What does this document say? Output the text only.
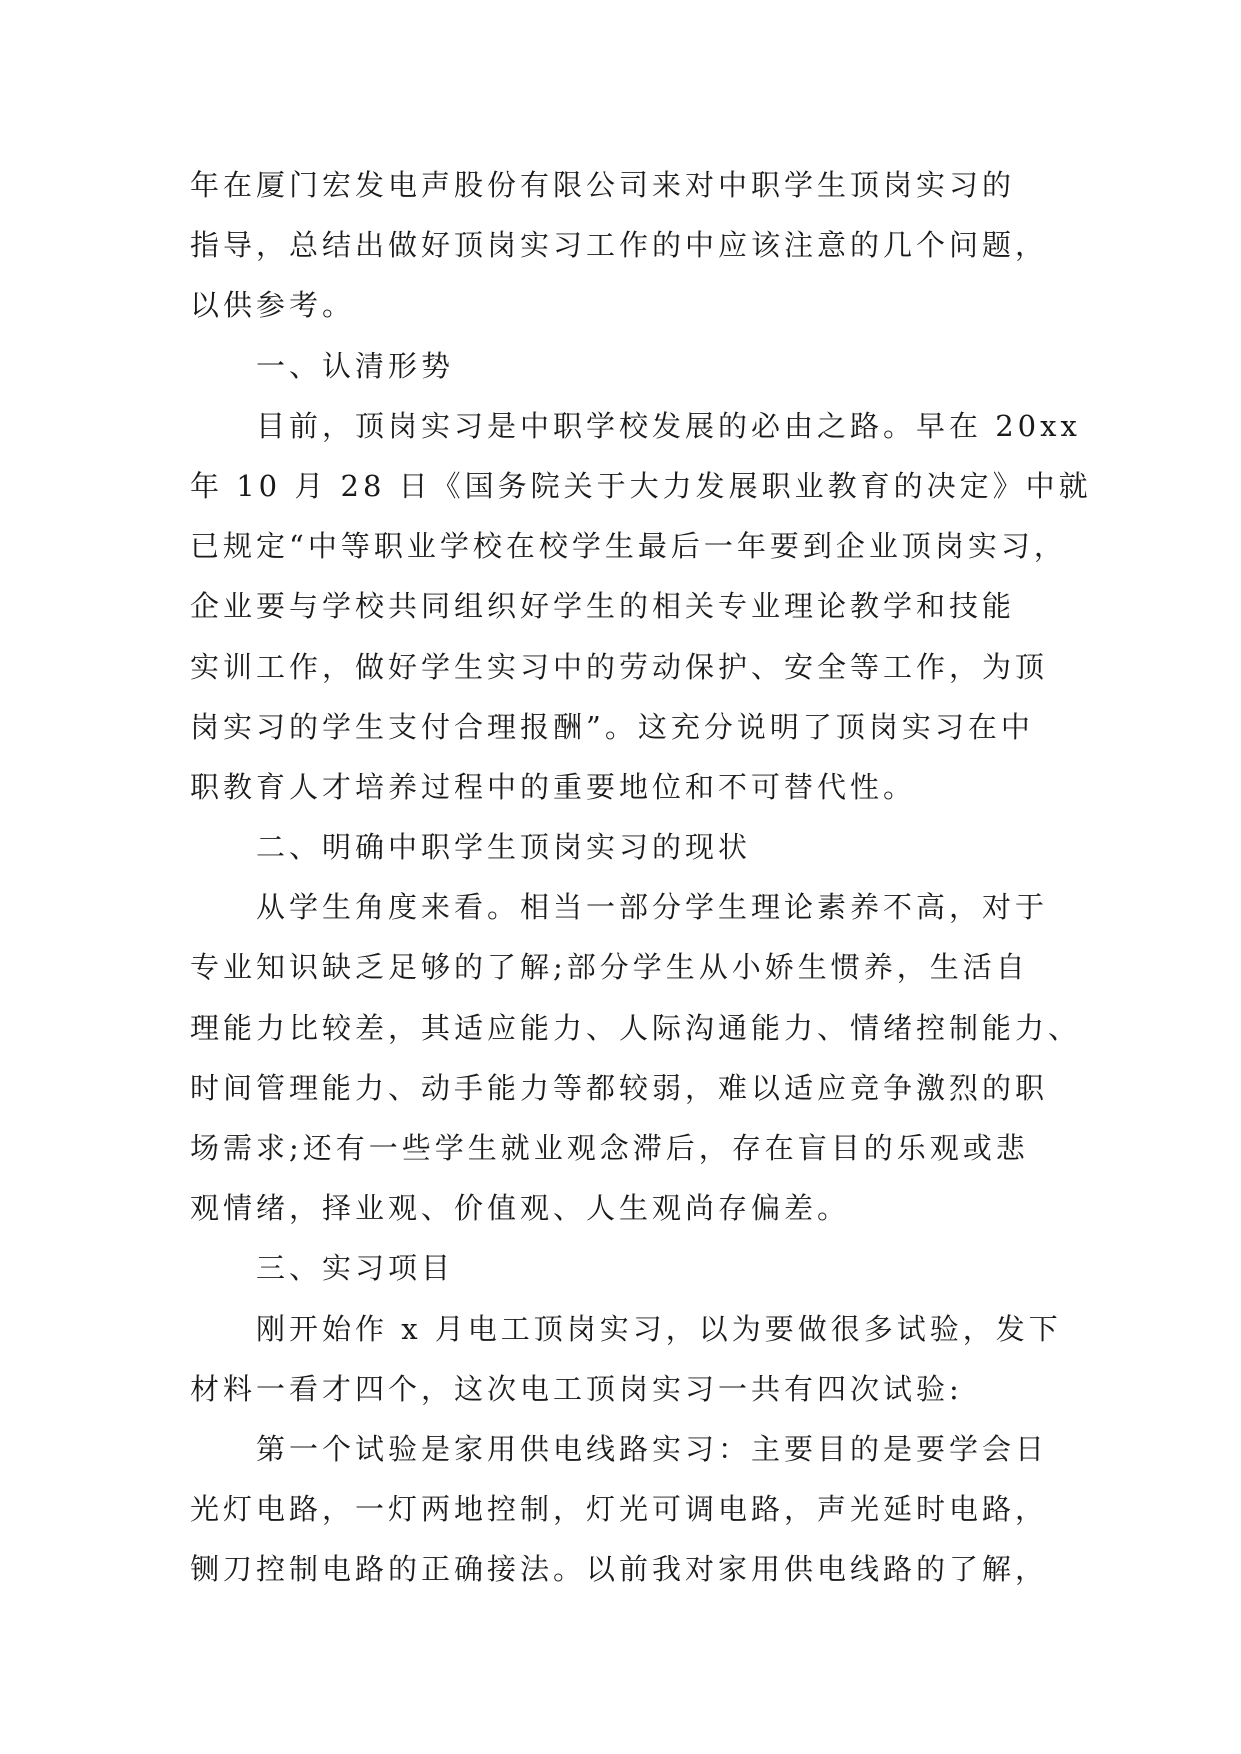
年在厦门宏发电声股份有限公司来对中职学生顶岗实习的
指导，总结出做好顶岗实习工作的中应该注意的几个问题，
以供参考。
一、认清形势
目前，顶岗实习是中职学校发展的必由之路。早在 20xx
年 10 月 28 日《国务院关于大力发展职业教育的决定》中就
已规定“中等职业学校在校学生最后一年要到企业顶岗实习，
企业要与学校共同组织好学生的相关专业理论教学和技能
实训工作，做好学生实习中的劳动保护、安全等工作，为顶
岗实习的学生支付合理报酬”。这充分说明了顶岗实习在中
职教育人才培养过程中的重要地位和不可替代性。
二、明确中职学生顶岗实习的现状
从学生角度来看。相当一部分学生理论素养不高，对于
专业知识缺乏足够的了解;部分学生从小娇生惯养，生活自
理能力比较差，其适应能力、人际沟通能力、情绪控制能力、
时间管理能力、动手能力等都较弱，难以适应竞争激烈的职
场需求;还有一些学生就业观念滞后，存在盲目的乐观或悲
观情绪，择业观、价值观、人生观尚存偏差。
三、实习项目
刚开始作 x 月电工顶岗实习，以为要做很多试验，发下
材料一看才四个，这次电工顶岗实习一共有四次试验:
第一个试验是家用供电线路实习：主要目的是要学会日
光灯电路，一灯两地控制，灯光可调电路，声光延时电路，
铡刀控制电路的正确接法。以前我对家用供电线路的了解，
